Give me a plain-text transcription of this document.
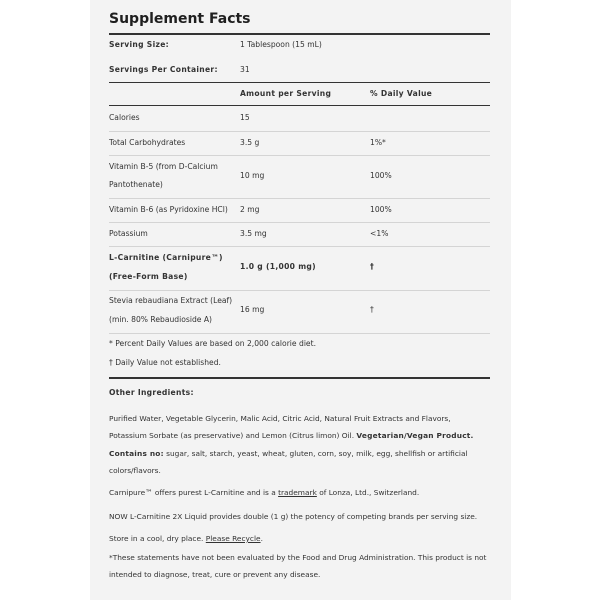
Supplement Facts
Serving Size:	1 Tablespoon (15 mL)
Servings Per Container:	31
Amount per Serving	% Daily Value
Calories	15
Total Carbohydrates	3.5 g	1%*
Vitamin B-5 (from D-Calcium
Pantothenate)
10 mg	100%
Vitamin B-6 (as Pyridoxine HCl) 2 mg	100%
Potassium	3.5 mg	<1%
L-Carnitine (Carnipure™)
(Free-Form Base)
1.0 g (1,000 mg)	†
Stevia rebaudiana Extract (Leaf)
(min. 80% Rebaudioside A)
16 mg	†
* Percent Daily Values are based on 2,000 calorie diet.
† Daily Value not established.
Other Ingredients:
Purified Water, Vegetable Glycerin, Malic Acid, Citric Acid, Natural Fruit Extracts and Flavors, Potassium Sorbate (as preservative) and Lemon (Citrus limon) Oil. Vegetarian/Vegan Product.
Contains no: sugar, salt, starch, yeast, wheat, gluten, corn, soy, milk, egg, shellfish or artificial colors/flavors.
Carnipure™ offers purest L-Carnitine and is a trademark of Lonza, Ltd., Switzerland.
NOW L-Carnitine 2X Liquid provides double (1 g) the potency of competing brands per serving size.
Store in a cool, dry place. Please Recycle.
*These statements have not been evaluated by the Food and Drug Administration. This product is not intended to diagnose, treat, cure or prevent any disease.
